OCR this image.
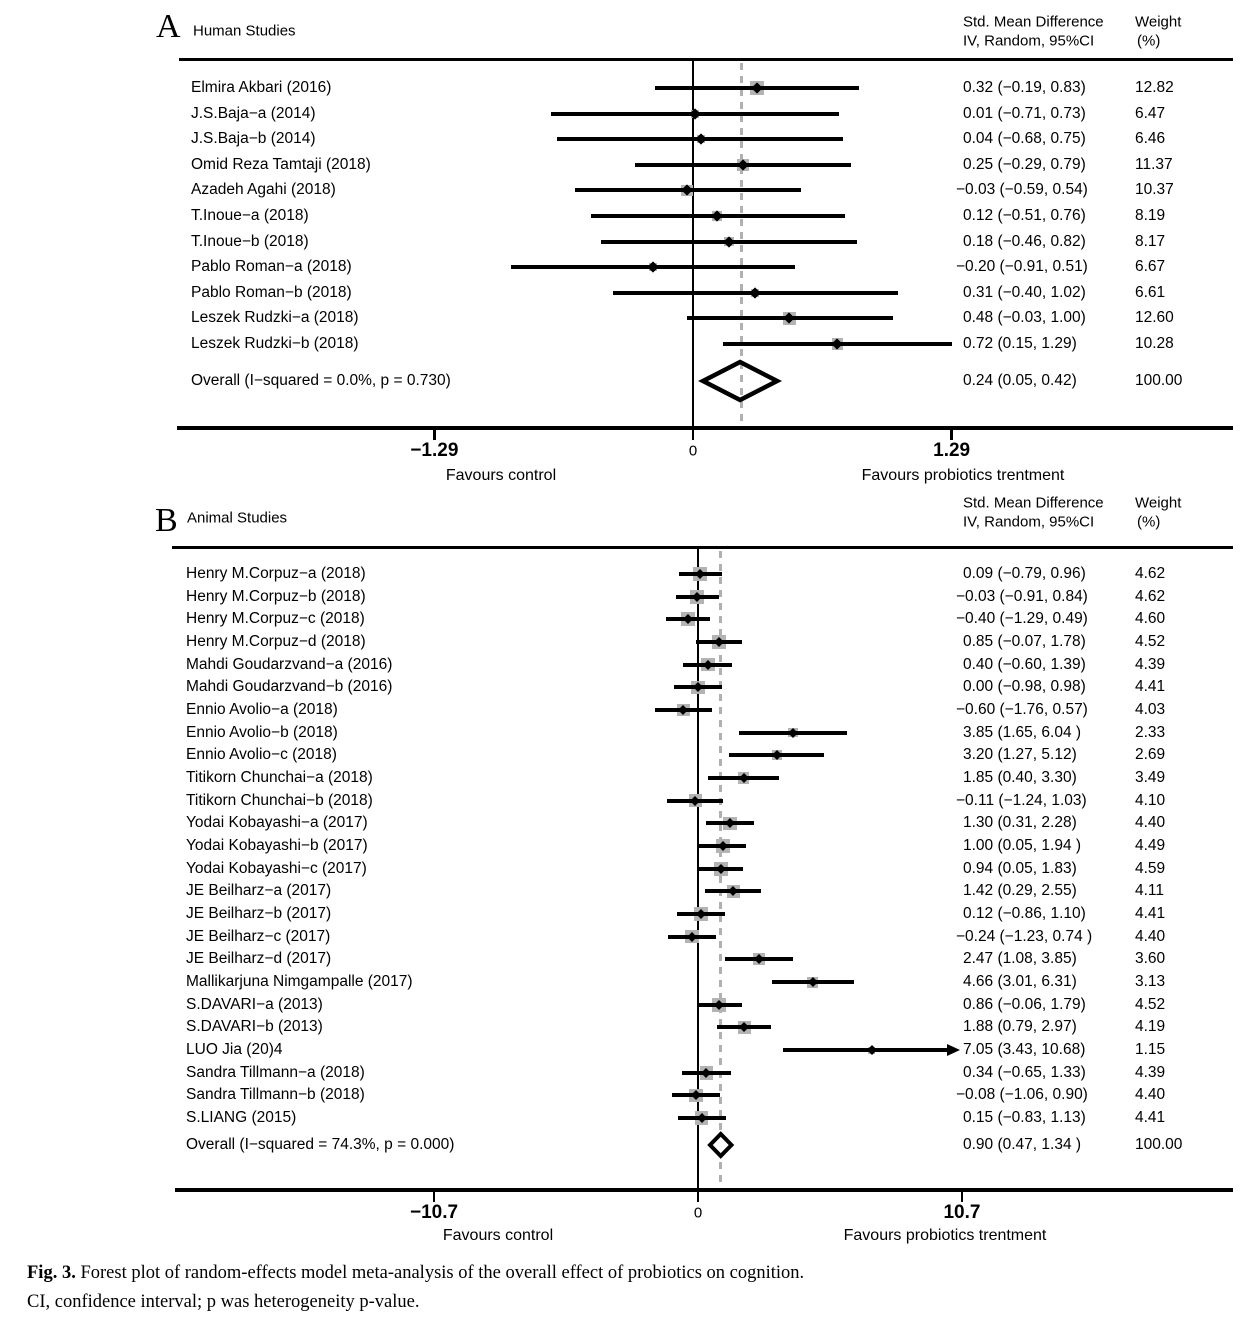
Fig. 3. Forest plot of random-effects model meta-analysis of the overall effect of probiotics on cognition.
CI, confidence interval; p was heterogeneity p-value.
A Human Studies
Std. Mean Difference
IV, Random, 95%CI
Weight
(%)
Elmira Akbari (2016)	0.32 (−0.19, 0.83)	12.82
J.S.Baja−a (2014)	0.01 (−0.71, 0.73)	6.47
J.S.Baja−b (2014)	0.04 (−0.68, 0.75)	6.46
Omid Reza Tamtaji (2018)	0.25 (−0.29, 0.79)	11.37
Azadeh Agahi (2018)	−0.03 (−0.59, 0.54)	10.37
T.Inoue−a (2018)	0.12 (−0.51, 0.76)	8.19
T.Inoue−b (2018)	0.18 (−0.46, 0.82)	8.17
Pablo Roman−a (2018)	−0.20 (−0.91, 0.51)	6.67
Pablo Roman−b (2018)	0.31 (−0.40, 1.02)	6.61
Leszek Rudzki−a (2018)	0.48 (−0.03, 1.00)	12.60
Leszek Rudzki−b (2018)	0.72 (0.15, 1.29)	10.28
Overall (I−squared = 0.0%, p = 0.730)	0.24 (0.05, 0.42)	100.00
−1.29	0	1.29
Favours control	Favours probiotics trentment
B Animal Studies
Std. Mean Difference
IV, Random, 95%CI
Weight
(%)
Henry M.Corpuz−a (2018)	0.09 (−0.79, 0.96)	4.62
Henry M.Corpuz−b (2018)	−0.03 (−0.91, 0.84)	4.62
Henry M.Corpuz−c (2018)	−0.40 (−1.29, 0.49)	4.60
Henry M.Corpuz−d (2018)	0.85 (−0.07, 1.78)	4.52
Mahdi Goudarzvand−a (2016)	0.40 (−0.60, 1.39)	4.39
Mahdi Goudarzvand−b (2016)	0.00 (−0.98, 0.98)	4.41
Ennio Avolio−a (2018)	−0.60 (−1.76, 0.57)	4.03
Ennio Avolio−b (2018)	3.85 (1.65, 6.04 )	2.33
Ennio Avolio−c (2018)	3.20 (1.27, 5.12)	2.69
Titikorn Chunchai−a (2018)	1.85 (0.40, 3.30)	3.49
Titikorn Chunchai−b (2018)	−0.11 (−1.24, 1.03)	4.10
Yodai Kobayashi−a (2017)	1.30 (0.31, 2.28)	4.40
Yodai Kobayashi−b (2017)	1.00 (0.05, 1.94 )	4.49
Yodai Kobayashi−c (2017)	0.94 (0.05, 1.83)	4.59
JE Beilharz−a (2017)	1.42 (0.29, 2.55)	4.11
JE Beilharz−b (2017)	0.12 (−0.86, 1.10)	4.41
JE Beilharz−c (2017)	−0.24 (−1.23, 0.74 )	4.40
JE Beilharz−d (2017)	2.47 (1.08, 3.85)	3.60
Mallikarjuna Nimgampalle (2017)	4.66 (3.01, 6.31)	3.13
S.DAVARI−a (2013)	0.86 (−0.06, 1.79)	4.52
S.DAVARI−b (2013)	1.88 (0.79, 2.97)	4.19
LUO Jia (20)4	7.05 (3.43, 10.68)	1.15
Sandra Tillmann−a (2018)	0.34 (−0.65, 1.33)	4.39
Sandra Tillmann−b (2018)	−0.08 (−1.06, 0.90)	4.40
S.LIANG (2015)	0.15 (−0.83, 1.13)	4.41
Overall (I−squared = 74.3%, p = 0.000)	0.90 (0.47, 1.34 )	100.00
−10.7	0	10.7
Favours control	Favours probiotics trentment
